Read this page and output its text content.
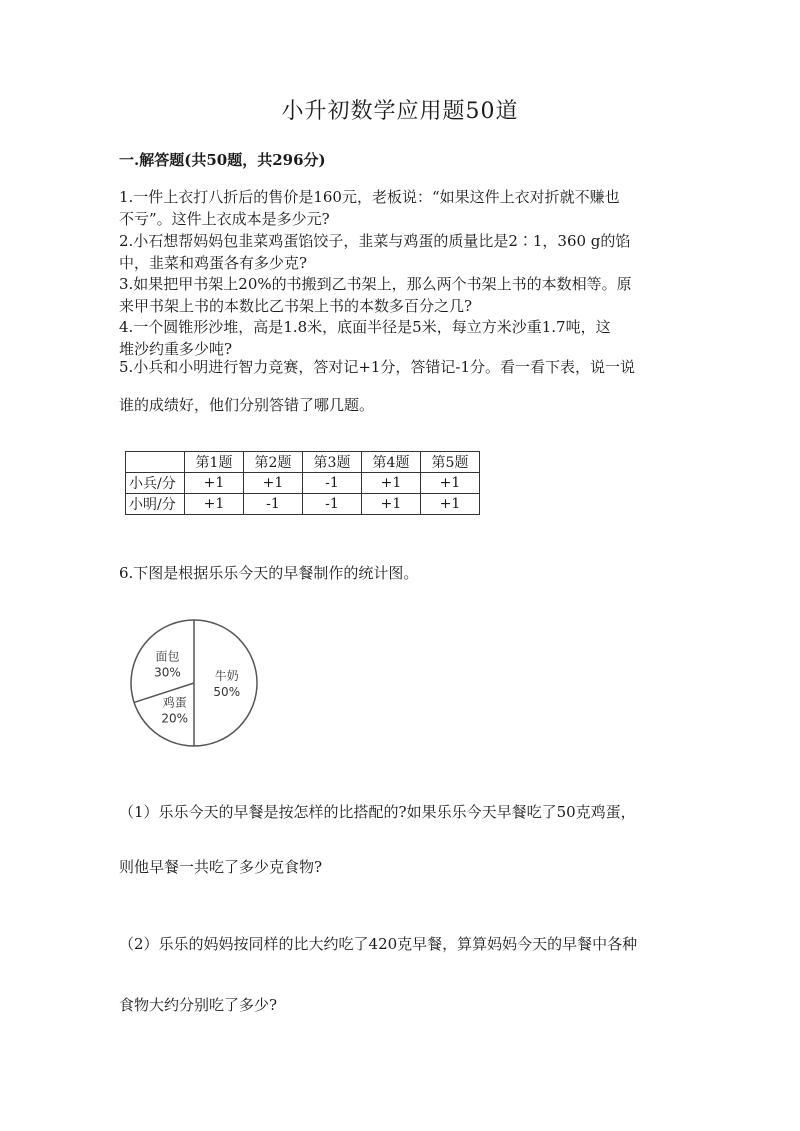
小升初数学应用题50道
一.解答题(共50题，共296分)
1.一件上衣打八折后的售价是160元，老板说：“如果这件上衣对折就不赚也
不亏”。这件上衣成本是多少元?
2.小石想帮妈妈包韭菜鸡蛋馅饺子，韭菜与鸡蛋的质量比是2∶1，360 g的馅
中，韭菜和鸡蛋各有多少克?
3.如果把甲书架上20%的书搬到乙书架上，那么两个书架上书的本数相等。原
来甲书架上书的本数比乙书架上书的本数多百分之几?
4.一个圆锥形沙堆，高是1.8米，底面半径是5米，每立方米沙重1.7吨，这
堆沙约重多少吨?
5.小兵和小明进行智力竞赛，答对记+1分，答错记-1分。看一看下表，说一说
谁的成绩好，他们分别答错了哪几题。
	第1题	第2题	第3题	第4题	第5题
小兵/分	+1	+1	-1	+1	+1
小明/分	+1	-1	-1	+1	+1
6.下图是根据乐乐今天的早餐制作的统计图。
牛奶
50%
鸡蛋
20%
面包
30%
（1）乐乐今天的早餐是按怎样的比搭配的?如果乐乐今天早餐吃了50克鸡蛋，
则他早餐一共吃了多少克食物?
（2）乐乐的妈妈按同样的比大约吃了420克早餐，算算妈妈今天的早餐中各种
食物大约分别吃了多少?
